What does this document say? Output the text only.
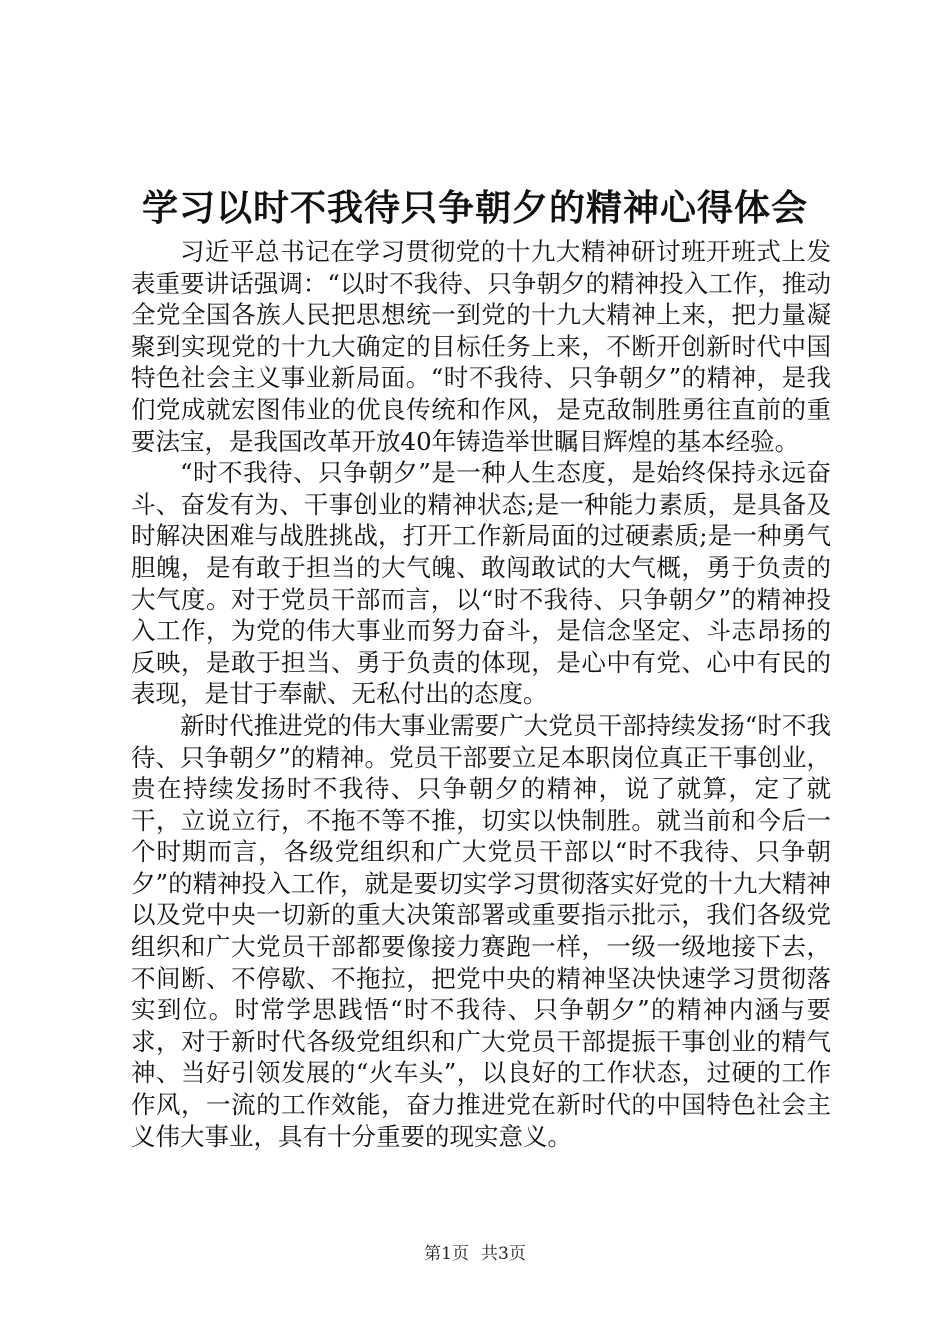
学习以时不我待只争朝夕的精神心得体会

习近平总书记在学习贯彻党的十九大精神研讨班开班式上发表重要讲话强调：“以时不我待、只争朝夕的精神投入工作，推动全党全国各族人民把思想统一到党的十九大精神上来，把力量凝聚到实现党的十九大确定的目标任务上来，不断开创新时代中国特色社会主义事业新局面。“时不我待、只争朝夕”的精神，是我们党成就宏图伟业的优良传统和作风，是克敌制胜勇往直前的重要法宝，是我国改革开放40年铸造举世瞩目辉煌的基本经验。

“时不我待、只争朝夕”是一种人生态度，是始终保持永远奋斗、奋发有为、干事创业的精神状态;是一种能力素质，是具备及时解决困难与战胜挑战，打开工作新局面的过硬素质;是一种勇气胆魄，是有敢于担当的大气魄、敢闯敢试的大气概，勇于负责的大气度。对于党员干部而言，以“时不我待、只争朝夕”的精神投入工作，为党的伟大事业而努力奋斗，是信念坚定、斗志昂扬的反映，是敢于担当、勇于负责的体现，是心中有党、心中有民的表现，是甘于奉献、无私付出的态度。

新时代推进党的伟大事业需要广大党员干部持续发扬“时不我待、只争朝夕”的精神。党员干部要立足本职岗位真正干事创业，贵在持续发扬时不我待、只争朝夕的精神，说了就算，定了就干，立说立行，不拖不等不推，切实以快制胜。就当前和今后一个时期而言，各级党组织和广大党员干部以“时不我待、只争朝夕”的精神投入工作，就是要切实学习贯彻落实好党的十九大精神以及党中央一切新的重大决策部署或重要指示批示，我们各级党组织和广大党员干部都要像接力赛跑一样，一级一级地接下去，不间断、不停歇、不拖拉，把党中央的精神坚决快速学习贯彻落实到位。时常学思践悟“时不我待、只争朝夕”的精神内涵与要求，对于新时代各级党组织和广大党员干部提振干事创业的精气神、当好引领发展的“火车头”，以良好的工作状态，过硬的工作作风，一流的工作效能，奋力推进党在新时代的中国特色社会主义伟大事业，具有十分重要的现实意义。

第1页 共3页
